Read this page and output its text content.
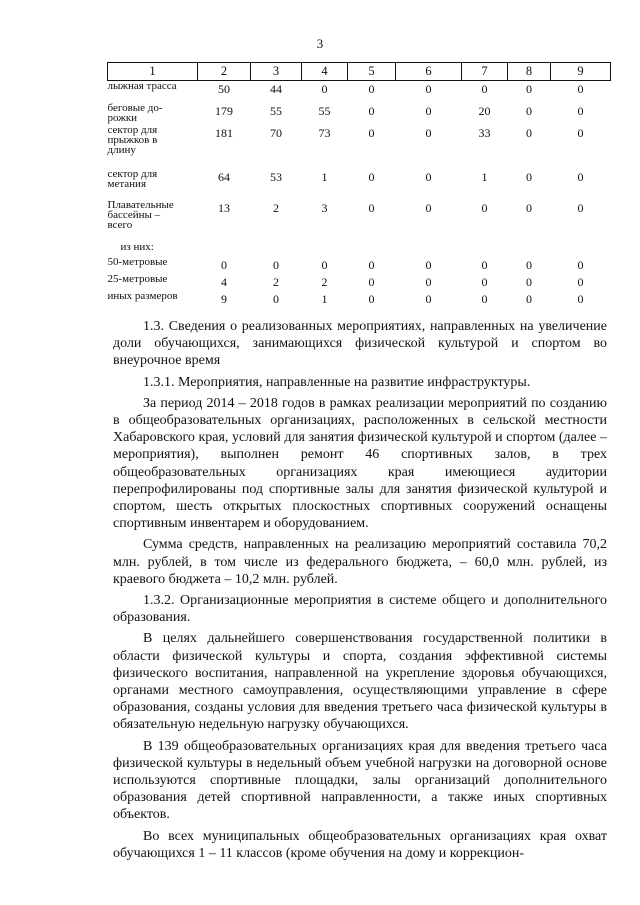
3
1	2	3	4	5	6	7	8	9
лыжная трасса	50	44	0	0	0	0	0	0
беговые до-
рожки	179	55	55	0	0	20	0	0
сектор для
прыжков в
длину	181	70	73	0	0	33	0	0
сектор для
метания	64	53	1	0	0	1	0	0
Плавательные
бассейны –
всего	13	2	3	0	0	0	0	0
из них:								
50-метровые	0	0	0	0	0	0	0	0
25-метровые	4	2	2	0	0	0	0	0
иных размеров	9	0	1	0	0	0	0	0

1.3. Сведения о реализованных мероприятиях, направленных на увеличение доли обучающихся, занимающихся физической культурой и спортом во внеурочное время

1.3.1. Мероприятия, направленные на развитие инфраструктуры.

За период 2014 – 2018 годов в рамках реализации мероприятий по созданию в общеобразовательных организациях, расположенных в сельской местности Хабаровского края, условий для занятия физической культурой и спортом (далее – мероприятия), выполнен ремонт 46 спортивных залов, в трех общеобразовательных организациях края имеющиеся аудитории перепрофилированы под спортивные залы для занятия физической культурой и спортом, шесть открытых плоскостных спортивных сооружений оснащены спортивным инвентарем и оборудованием.

Сумма средств, направленных на реализацию мероприятий составила 70,2 млн. рублей, в том числе из федерального бюджета, – 60,0 млн. рублей, из краевого бюджета – 10,2 млн. рублей.

1.3.2. Организационные мероприятия в системе общего и дополнительного образования.

В целях дальнейшего совершенствования государственной политики в области физической культуры и спорта, создания эффективной системы физического воспитания, направленной на укрепление здоровья обучающихся, органами местного самоуправления, осуществляющими управление в сфере образования, созданы условия для введения третьего часа физической культуры в обязательную недельную нагрузку обучающихся.

В 139 общеобразовательных организациях края для введения третьего часа физической культуры в недельный объем учебной нагрузки на договорной основе используются спортивные площадки, залы организаций дополнительного образования детей спортивной направленности, а также иных спортивных объектов.

Во всех муниципальных общеобразовательных организациях края охват обучающихся 1 – 11 классов (кроме обучения на дому и коррекцион-
